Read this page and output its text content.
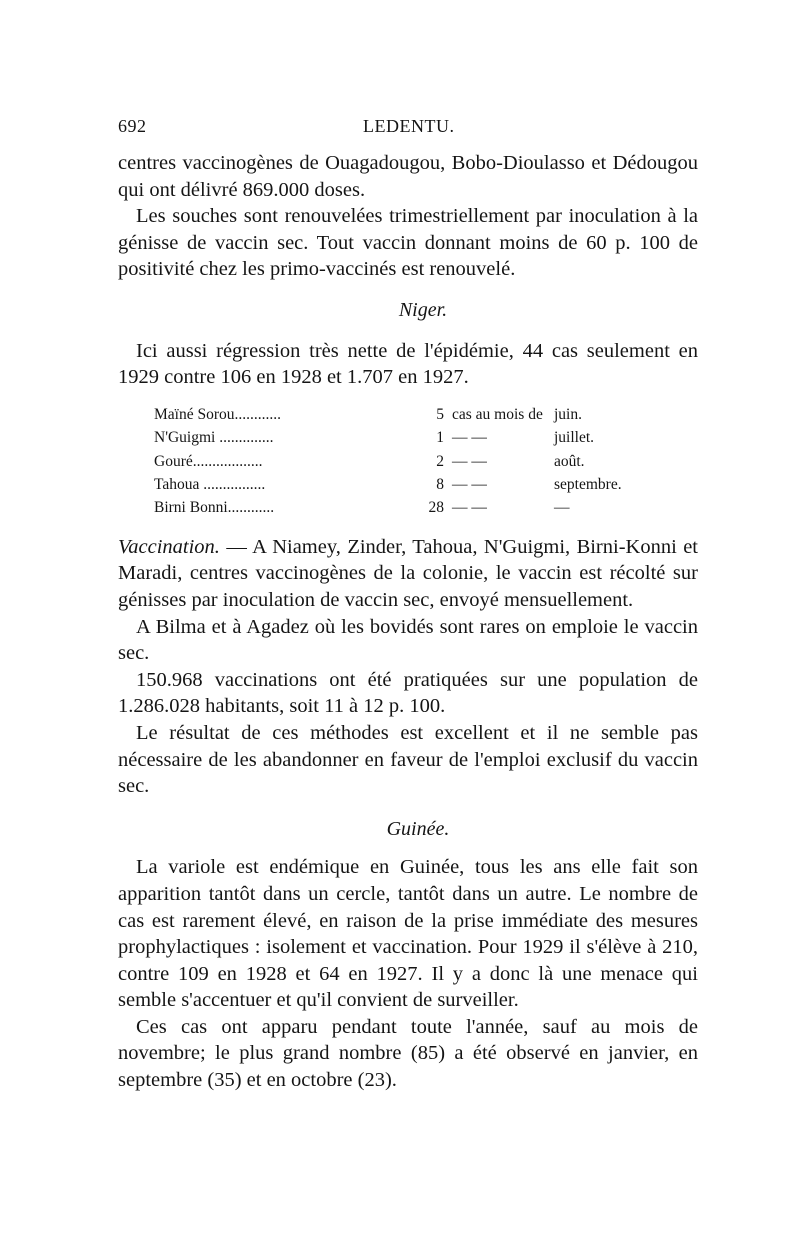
692	LEDENTU.

centres vaccinogènes de Ouagadougou, Bobo-Dioulasso et Dédougou qui ont délivré 869.000 doses.

Les souches sont renouvelées trimestriellement par inoculation à la génisse de vaccin sec. Tout vaccin donnant moins de 60 p. 100 de positivité chez les primo-vaccinés est renouvelé.

Niger.

Ici aussi régression très nette de l'épidémie, 44 cas seulement en 1929 contre 106 en 1928 et 1.707 en 1927.

Maïné Sorou............	5 cas au mois de juin.
N'Guigmi ..............	1 — —	juillet.
Gouré..................	2 — —	août.
Tahoua ................	8 — —	septembre.
Birni Bonni............	28 — —	—

Vaccination. — A Niamey, Zinder, Tahoua, N'Guigmi, Birni-Konni et Maradi, centres vaccinogènes de la colonie, le vaccin est récolté sur génisses par inoculation de vaccin sec, envoyé mensuellement.

A Bilma et à Agadez où les bovidés sont rares on emploie le vaccin sec.

150.968 vaccinations ont été pratiquées sur une population de 1.286.028 habitants, soit 11 à 12 p. 100.

Le résultat de ces méthodes est excellent et il ne semble pas nécessaire de les abandonner en faveur de l'emploi exclusif du vaccin sec.

Guinée.

La variole est endémique en Guinée, tous les ans elle fait son apparition tantôt dans un cercle, tantôt dans un autre. Le nombre de cas est rarement élevé, en raison de la prise immédiate des mesures prophylactiques : isolement et vaccination. Pour 1929 il s'élève à 210, contre 109 en 1928 et 64 en 1927. Il y a donc là une menace qui semble s'accentuer et qu'il convient de surveiller.

Ces cas ont apparu pendant toute l'année, sauf au mois de novembre; le plus grand nombre (85) a été observé en janvier, en septembre (35) et en octobre (23).
